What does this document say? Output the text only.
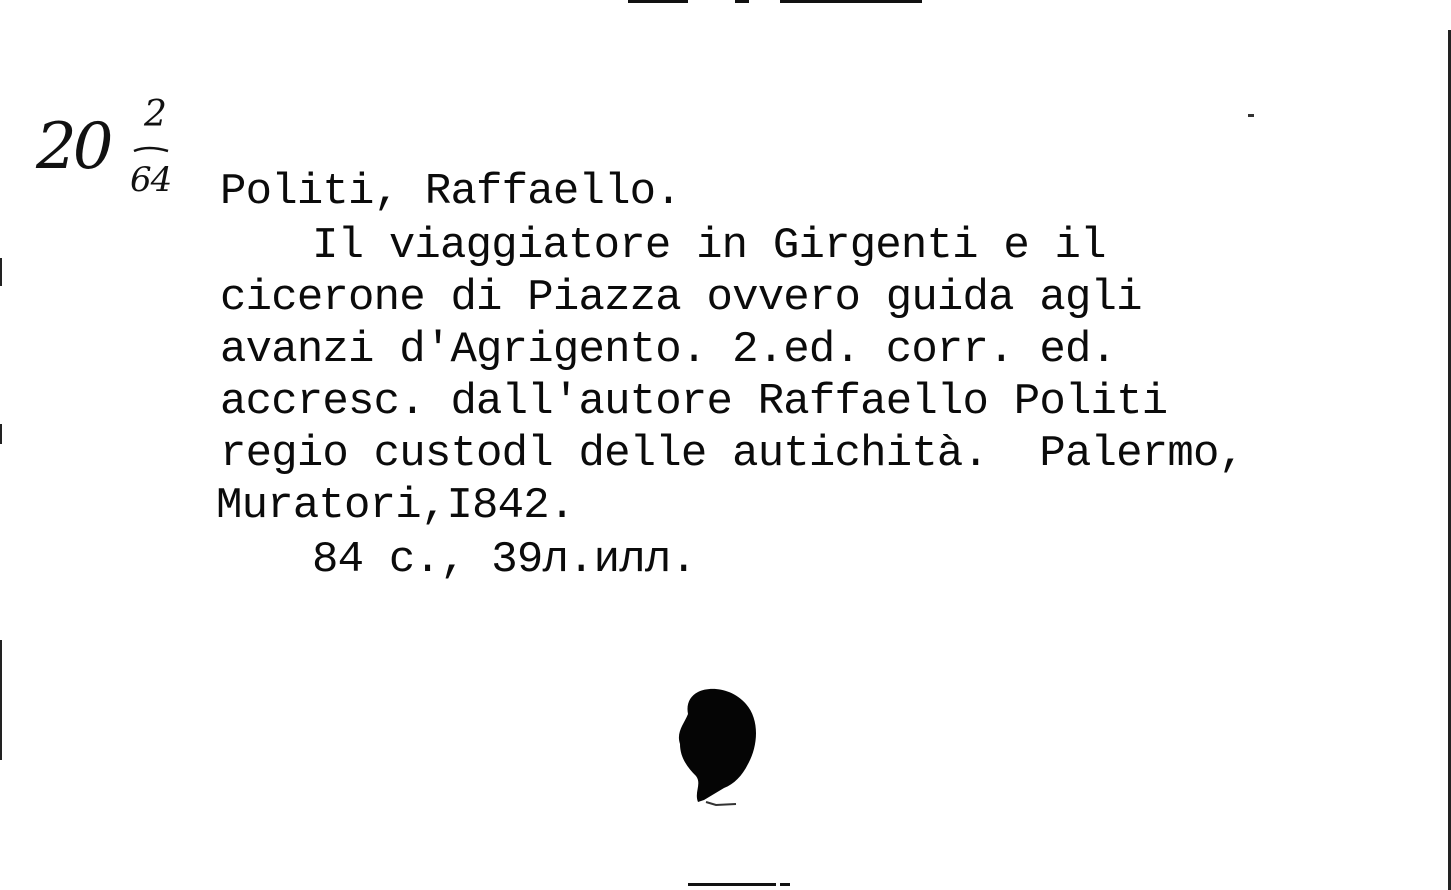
20 2
64 Politi, Raffaello.
Il viaggiatore in Girgenti e il
cicerone di Piazza ovvero guida agli
avanzi d'Agrigento. 2.ed. corr. ed.
accresc. dall'autore Raffaello Politi
regio custodl delle autichità.  Palermo,
Muratori,I842.
84 c., 39л.илл.
